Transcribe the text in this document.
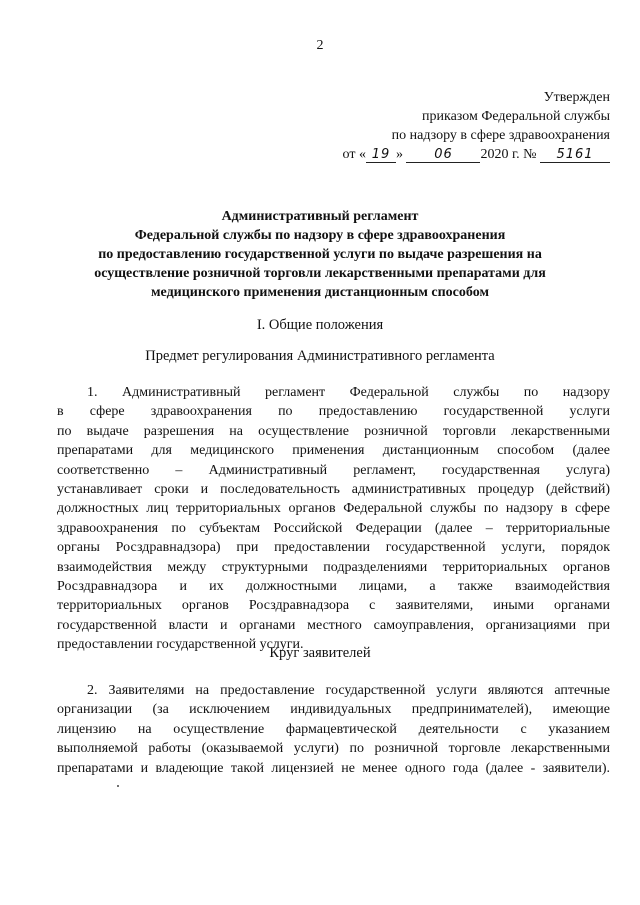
2
Утвержден
приказом Федеральной службы
по надзору в сфере здравоохранения
от « 19 » 06 2020 г. № 5161
Административный регламент
Федеральной службы по надзору в сфере здравоохранения
по предоставлению государственной услуги по выдаче разрешения на
осуществление розничной торговли лекарственными препаратами для
медицинского применения дистанционным способом
I. Общие положения
Предмет регулирования Административного регламента
1. Административный регламент Федеральной службы по надзору
в сфере здравоохранения по предоставлению государственной услуги
по выдаче разрешения на осуществление розничной торговли лекарственными
препаратами для медицинского применения дистанционным способом (далее
соответственно – Административный регламент, государственная услуга)
устанавливает сроки и последовательность административных процедур (действий)
должностных лиц территориальных органов Федеральной службы по надзору в сфере
здравоохранения по субъектам Российской Федерации (далее – территориальные
органы Росздравнадзора) при предоставлении государственной услуги, порядок
взаимодействия между структурными подразделениями территориальных органов
Росздравнадзора и их должностными лицами, а также взаимодействия
территориальных органов Росздравнадзора с заявителями, иными органами
государственной власти и органами местного самоуправления, организациями при
предоставлении государственной услуги.
Круг заявителей
2. Заявителями на предоставление государственной услуги являются аптечные
организации (за исключением индивидуальных предпринимателей), имеющие
лицензию на осуществление фармацевтической деятельности с указанием
выполняемой работы (оказываемой услуги) по розничной торговле лекарственными
препаратами и владеющие такой лицензией не менее одного года (далее - заявители).
